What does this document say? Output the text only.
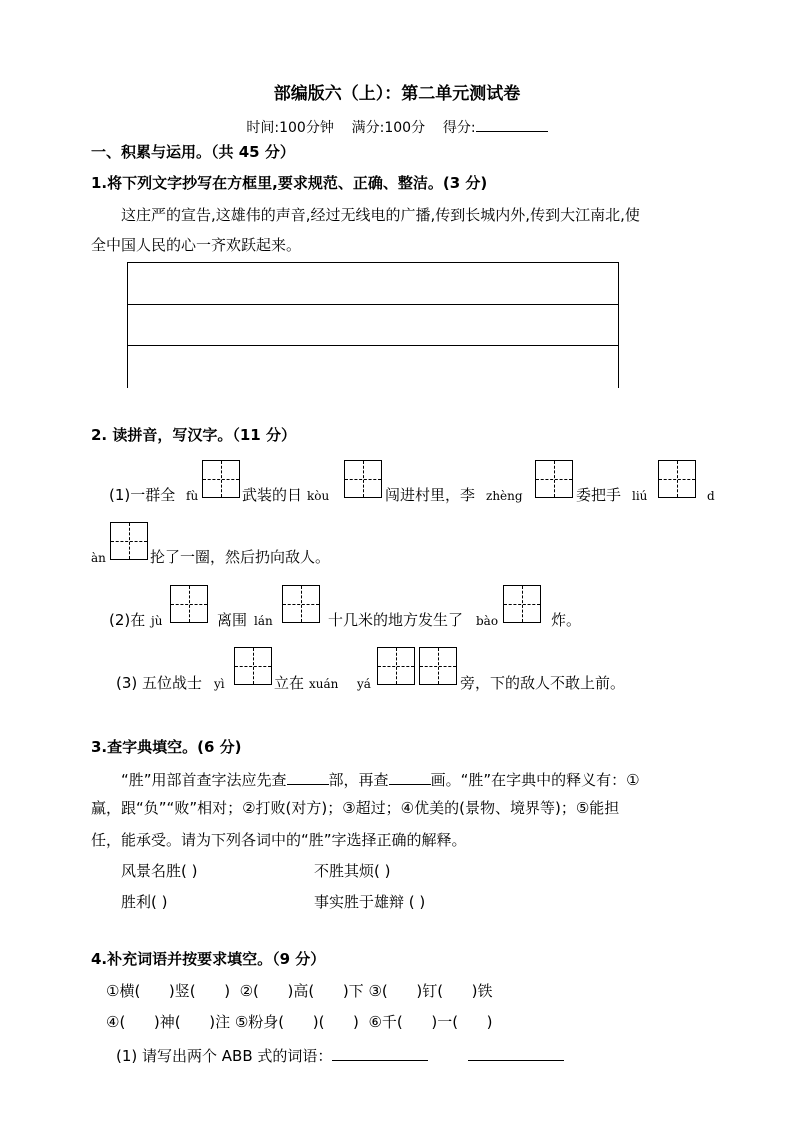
部编版六（上）：第二单元测试卷
时间:100分钟 满分:100分 得分:
一、积累与运用。（共 45 分）
1.将下列文字抄写在方框里,要求规范、正确、整洁。(3 分)
这庄严的宣告,这雄伟的声音,经过无线电的广播,传到长城内外,传到大江南北,使
全中国人民的心一齐欢跃起来。
2. 读拼音，写汉字。（11 分）
(1)一群全 fù	武装的日 kòu	闯进村里，李 zhèng	委把手 liú	d
àn	抡了一圈，然后扔向敌人。
(2)在 jù	离围 lán	十几米的地方发生了 bào	炸。
(3) 五位战士 yì	立在 xuán yá	旁，下的敌人不敢上前。
3.查字典填空。(6 分)
“胜”用部首查字法应先查	部，再查	画。“胜”在字典中的释义有：①
赢，跟“负”“败”相对；②打败(对方)；③超过；④优美的(景物、境界等)；⑤能担
任，能承受。请为下列各词中的“胜”字选择正确的解释。
风景名胜( )	不胜其烦( )
胜利( )	事实胜于雄辩 ( )
4.补充词语并按要求填空。（9 分）
①横(      )竖(      )  ②(      )高(      )下 ③(      )钉(      )铁
④(      )神(      )注 ⑤粉身(      )(      )  ⑥千(      )一(      )
(1) 请写出两个 ABB 式的词语：
